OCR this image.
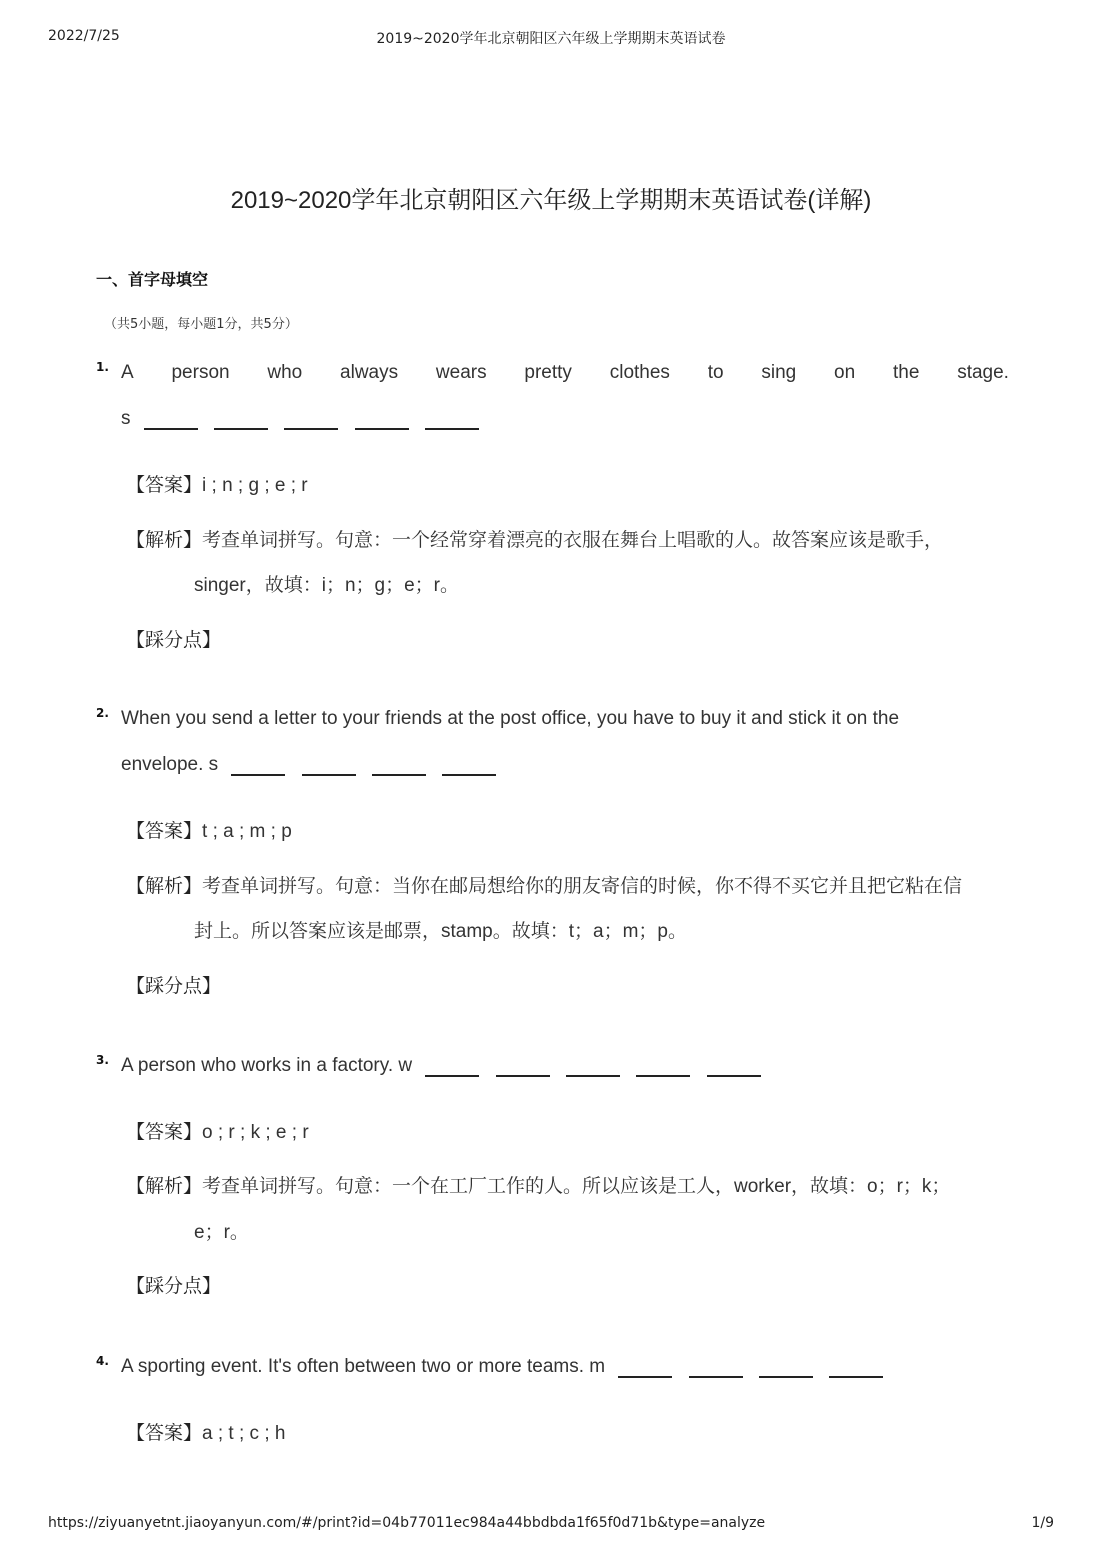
2022/7/25	2019~2020学年北京朝阳区六年级上学期期末英语试卷
2019~2020学年北京朝阳区六年级上学期期末英语试卷(详解)
一、首字母填空
（共5小题，每小题1分，共5分）
1. A person who always wears pretty clothes to sing on the stage.
s
【答案】i ; n ; g ; e ; r
【解析】考查单词拼写。句意：一个经常穿着漂亮的衣服在舞台上唱歌的人。故答案应该是歌手，
singer，故填：i；n；g；e；r。
【踩分点】
2. When you send a letter to your friends at the post office, you have to buy it and stick it on the
envelope. s
【答案】t ; a ; m ; p
【解析】考查单词拼写。句意：当你在邮局想给你的朋友寄信的时候，你不得不买它并且把它粘在信
封上。所以答案应该是邮票，stamp。故填：t；a；m；p。
【踩分点】
3. A person who works in a factory. w
【答案】o ; r ; k ; e ; r
【解析】考查单词拼写。句意：一个在工厂工作的人。所以应该是工人，worker，故填：o；r；k；
e；r。
【踩分点】
4. A sporting event. It's often between two or more teams. m
【答案】a ; t ; c ; h
https://ziyuanyetnt.jiaoyanyun.com/#/print?id=04b77011ec984a44bbdbda1f65f0d71b&type=analyze	1/9
